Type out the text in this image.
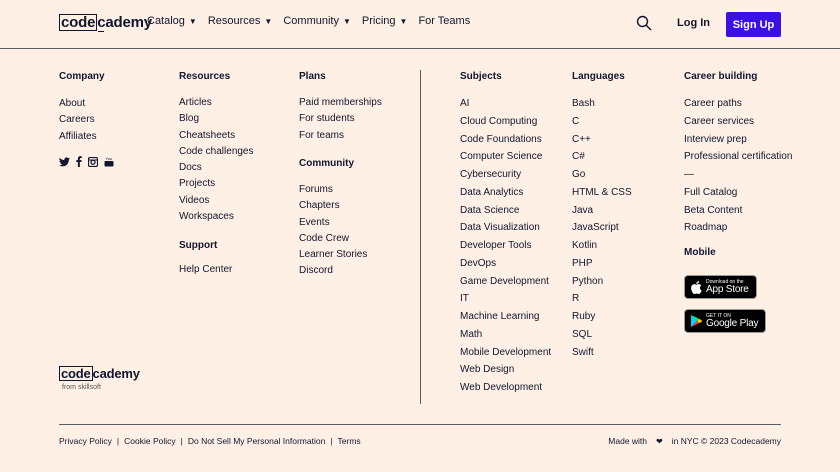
code cademy
Catalog ▼ Resources ▼ Community ▼ Pricing ▼ For Teams	Log In	Sign Up
Company
About
Careers
Affiliates
You
Resources
Articles
Blog
Cheatsheets
Code challenges
Docs
Projects
Videos
Workspaces
Support
Help Center
Plans
Paid memberships
For students
For teams
Community
Forums
Chapters
Events
Code Crew
Learner Stories
Discord
Subjects
AI
Cloud Computing
Code Foundations
Computer Science
Cybersecurity
Data Analytics
Data Science
Data Visualization
Developer Tools
DevOps
Game Development
IT
Machine Learning
Math
Mobile Development
Web Design
Web Development
Languages
Bash
C
C++
C#
Go
HTML & CSS
Java
JavaScript
Kotlin
PHP
Python
R
Ruby
SQL
Swift
Career building
Career paths
Career services
Interview prep
Professional certification
—
Full Catalog
Beta Content
Roadmap
Mobile
Download on the
App Store
GET IT ON
Google Play
code cademy
from skillsoft
Privacy Policy | Cookie Policy | Do Not Sell My Personal Information | Terms	Made with ❤ in NYC © 2023 Codecademy
